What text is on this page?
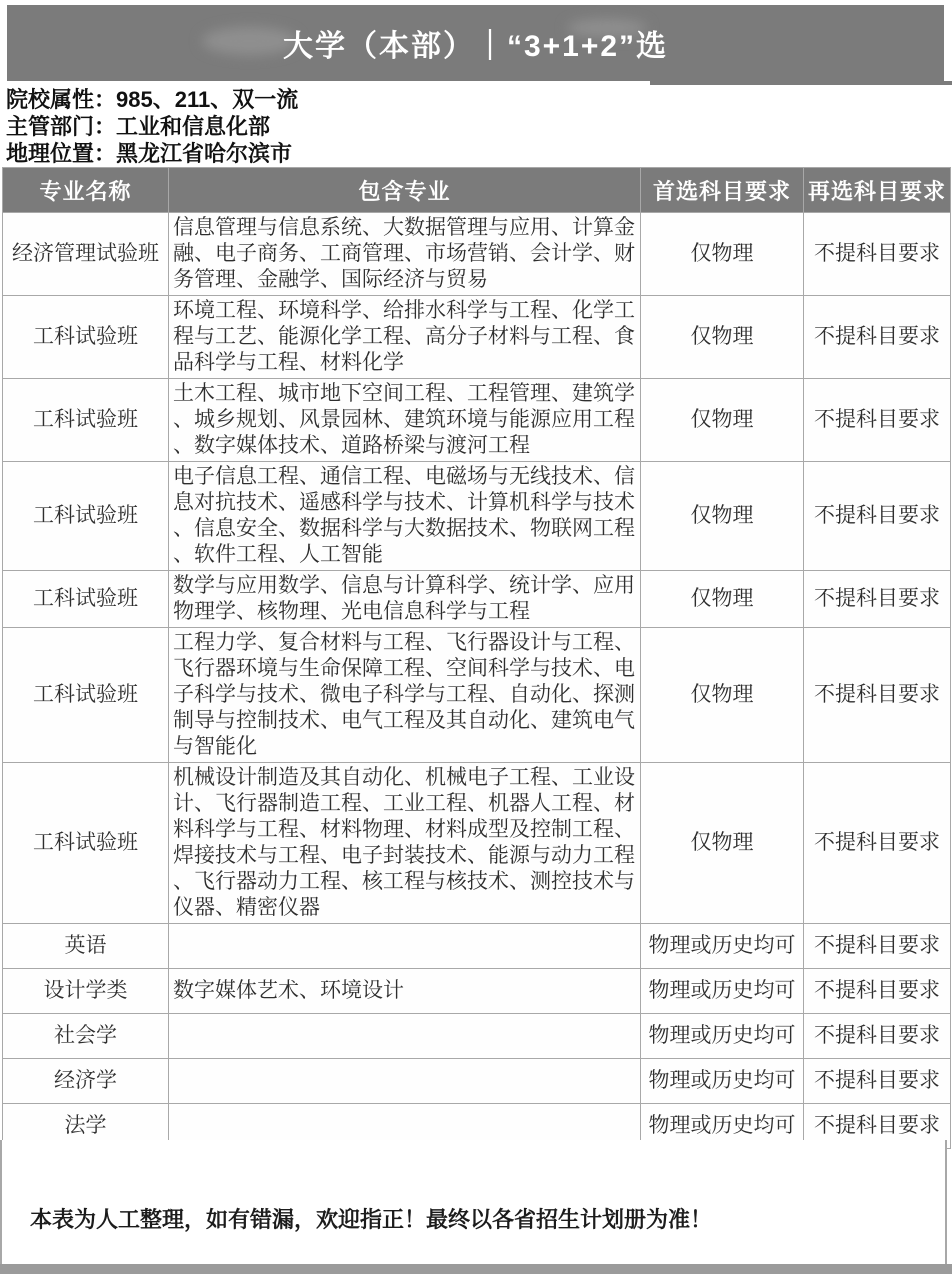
大学（本部）｜“3+1+2”选
院校属性：985、211、双一流
主管部门：工业和信息化部
地理位置：黑龙江省哈尔滨市
专业名称	包含专业	首选科目要求	再选科目要求
经济管理试验班	信息管理与信息系统、大数据管理与应用、计算金融、电子商务、工商管理、市场营销、会计学、财务管理、金融学、国际经济与贸易	仅物理	不提科目要求
工科试验班	环境工程、环境科学、给排水科学与工程、化学工程与工艺、能源化学工程、高分子材料与工程、食品科学与工程、材料化学	仅物理	不提科目要求
工科试验班	土木工程、城市地下空间工程、工程管理、建筑学、城乡规划、风景园林、建筑环境与能源应用工程、数字媒体技术、道路桥梁与渡河工程	仅物理	不提科目要求
工科试验班	电子信息工程、通信工程、电磁场与无线技术、信息对抗技术、遥感科学与技术、计算机科学与技术、信息安全、数据科学与大数据技术、物联网工程、软件工程、人工智能	仅物理	不提科目要求
工科试验班	数学与应用数学、信息与计算科学、统计学、应用物理学、核物理、光电信息科学与工程	仅物理	不提科目要求
工科试验班	工程力学、复合材料与工程、飞行器设计与工程、飞行器环境与生命保障工程、空间科学与技术、电子科学与技术、微电子科学与工程、自动化、探测制导与控制技术、电气工程及其自动化、建筑电气与智能化	仅物理	不提科目要求
工科试验班	机械设计制造及其自动化、机械电子工程、工业设计、飞行器制造工程、工业工程、机器人工程、材料科学与工程、材料物理、材料成型及控制工程、焊接技术与工程、电子封装技术、能源与动力工程、飞行器动力工程、核工程与核技术、测控技术与仪器、精密仪器	仅物理	不提科目要求
英语		物理或历史均可	不提科目要求
设计学类	数字媒体艺术、环境设计	物理或历史均可	不提科目要求
社会学		物理或历史均可	不提科目要求
经济学		物理或历史均可	不提科目要求
法学		物理或历史均可	不提科目要求
本表为人工整理，如有错漏，欢迎指正！最终以各省招生计划册为准！
